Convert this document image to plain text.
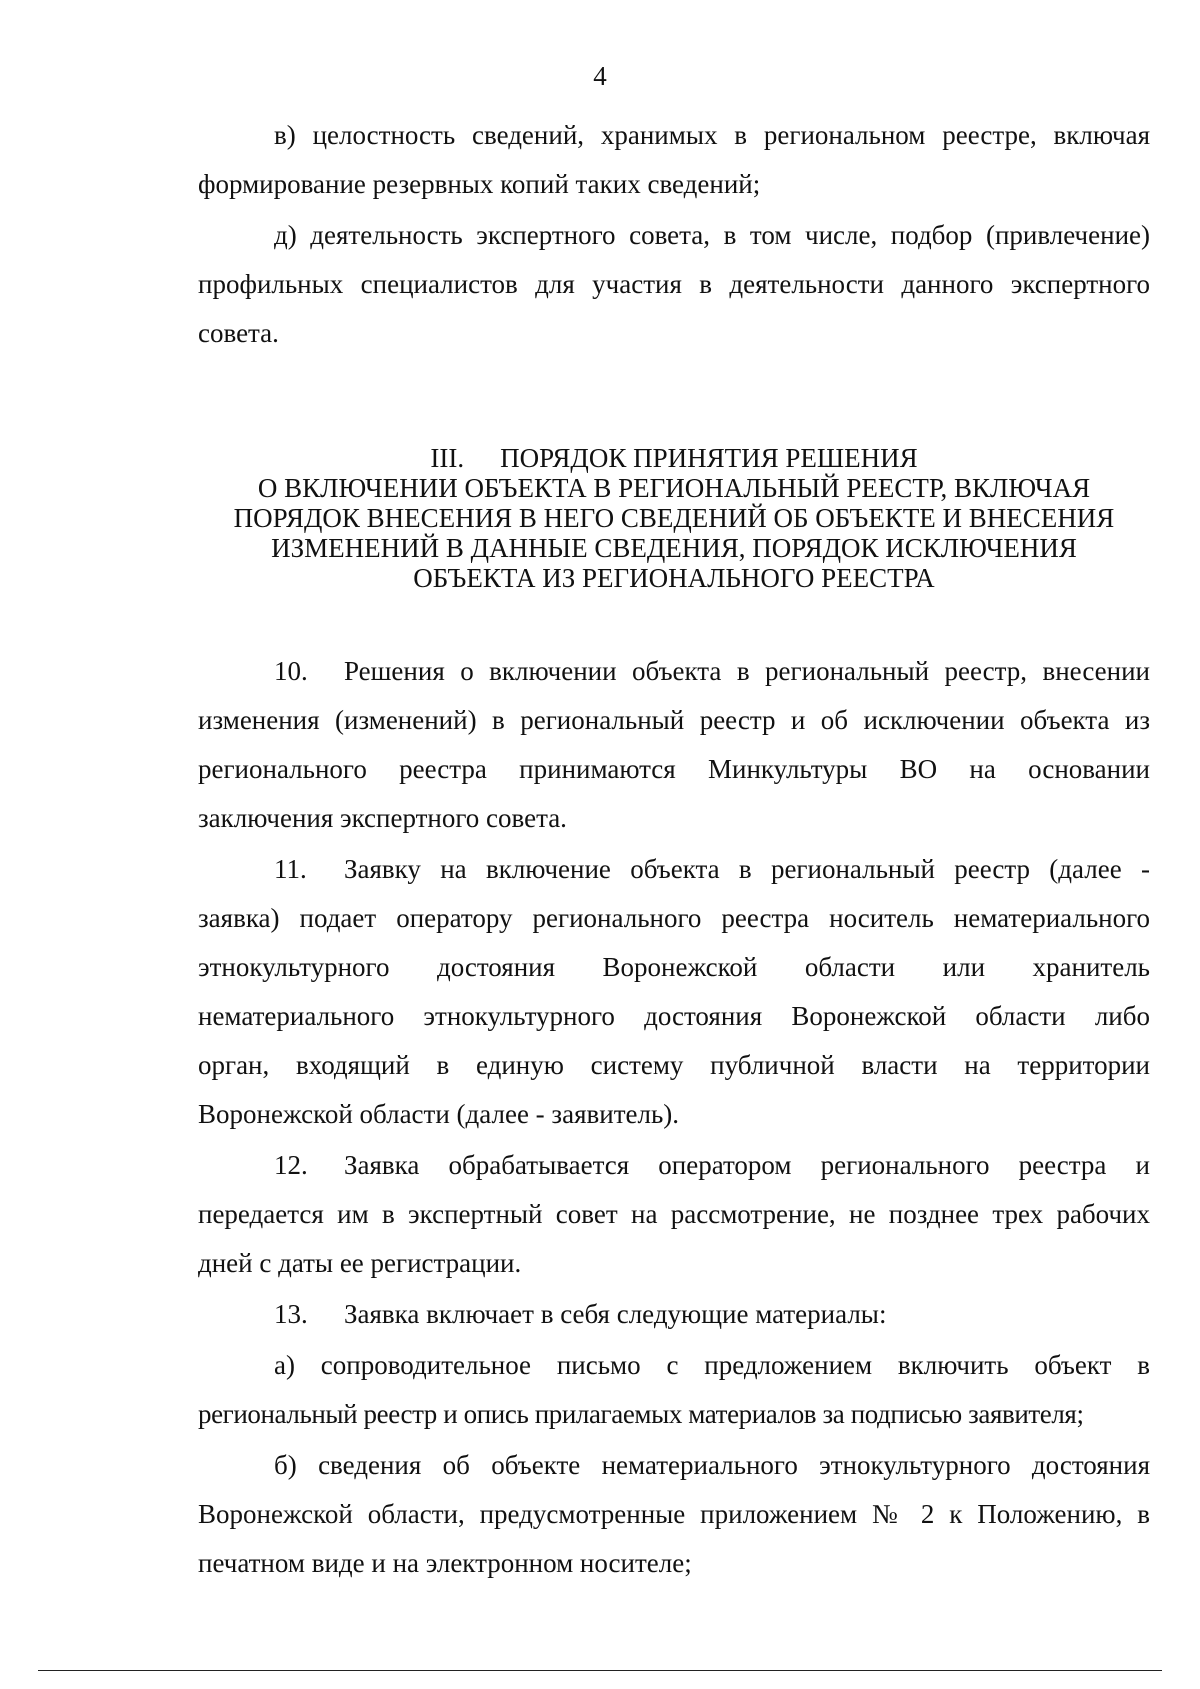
4

в) целостность сведений, хранимых в региональном реестре, включая

формирование резервных копий таких сведений;

д) деятельность экспертного совета, в том числе, подбор (привлечение)

профильных специалистов для участия в деятельности данного экспертного

совета.

III. ПОРЯДОК ПРИНЯТИЯ РЕШЕНИЯ
О ВКЛЮЧЕНИИ ОБЪЕКТА В РЕГИОНАЛЬНЫЙ РЕЕСТР, ВКЛЮЧАЯ
ПОРЯДОК ВНЕСЕНИЯ В НЕГО СВЕДЕНИЙ ОБ ОБЪЕКТЕ И ВНЕСЕНИЯ
ИЗМЕНЕНИЙ В ДАННЫЕ СВЕДЕНИЯ, ПОРЯДОК ИСКЛЮЧЕНИЯ
ОБЪЕКТА ИЗ РЕГИОНАЛЬНОГО РЕЕСТРА

10. Решения о включении объекта в региональный реестр, внесении

изменения (изменений) в региональный реестр и об исключении объекта из

регионального реестра принимаются Минкультуры ВО на основании

заключения экспертного совета.

11. Заявку на включение объекта в региональный реестр (далее -

заявка) подает оператору регионального реестра носитель нематериального

этнокультурного достояния Воронежской области или хранитель

нематериального этнокультурного достояния Воронежской области либо

орган, входящий в единую систему публичной власти на территории

Воронежской области (далее - заявитель).

12. Заявка обрабатывается оператором регионального реестра и

передается им в экспертный совет на рассмотрение, не позднее трех рабочих

дней с даты ее регистрации.

13. Заявка включает в себя следующие материалы:

а) сопроводительное письмо с предложением включить объект в

региональный реестр и опись прилагаемых материалов за подписью заявителя;

б) сведения об объекте нематериального этнокультурного достояния

Воронежской области, предусмотренные приложением № 2 к Положению, в

печатном виде и на электронном носителе;
